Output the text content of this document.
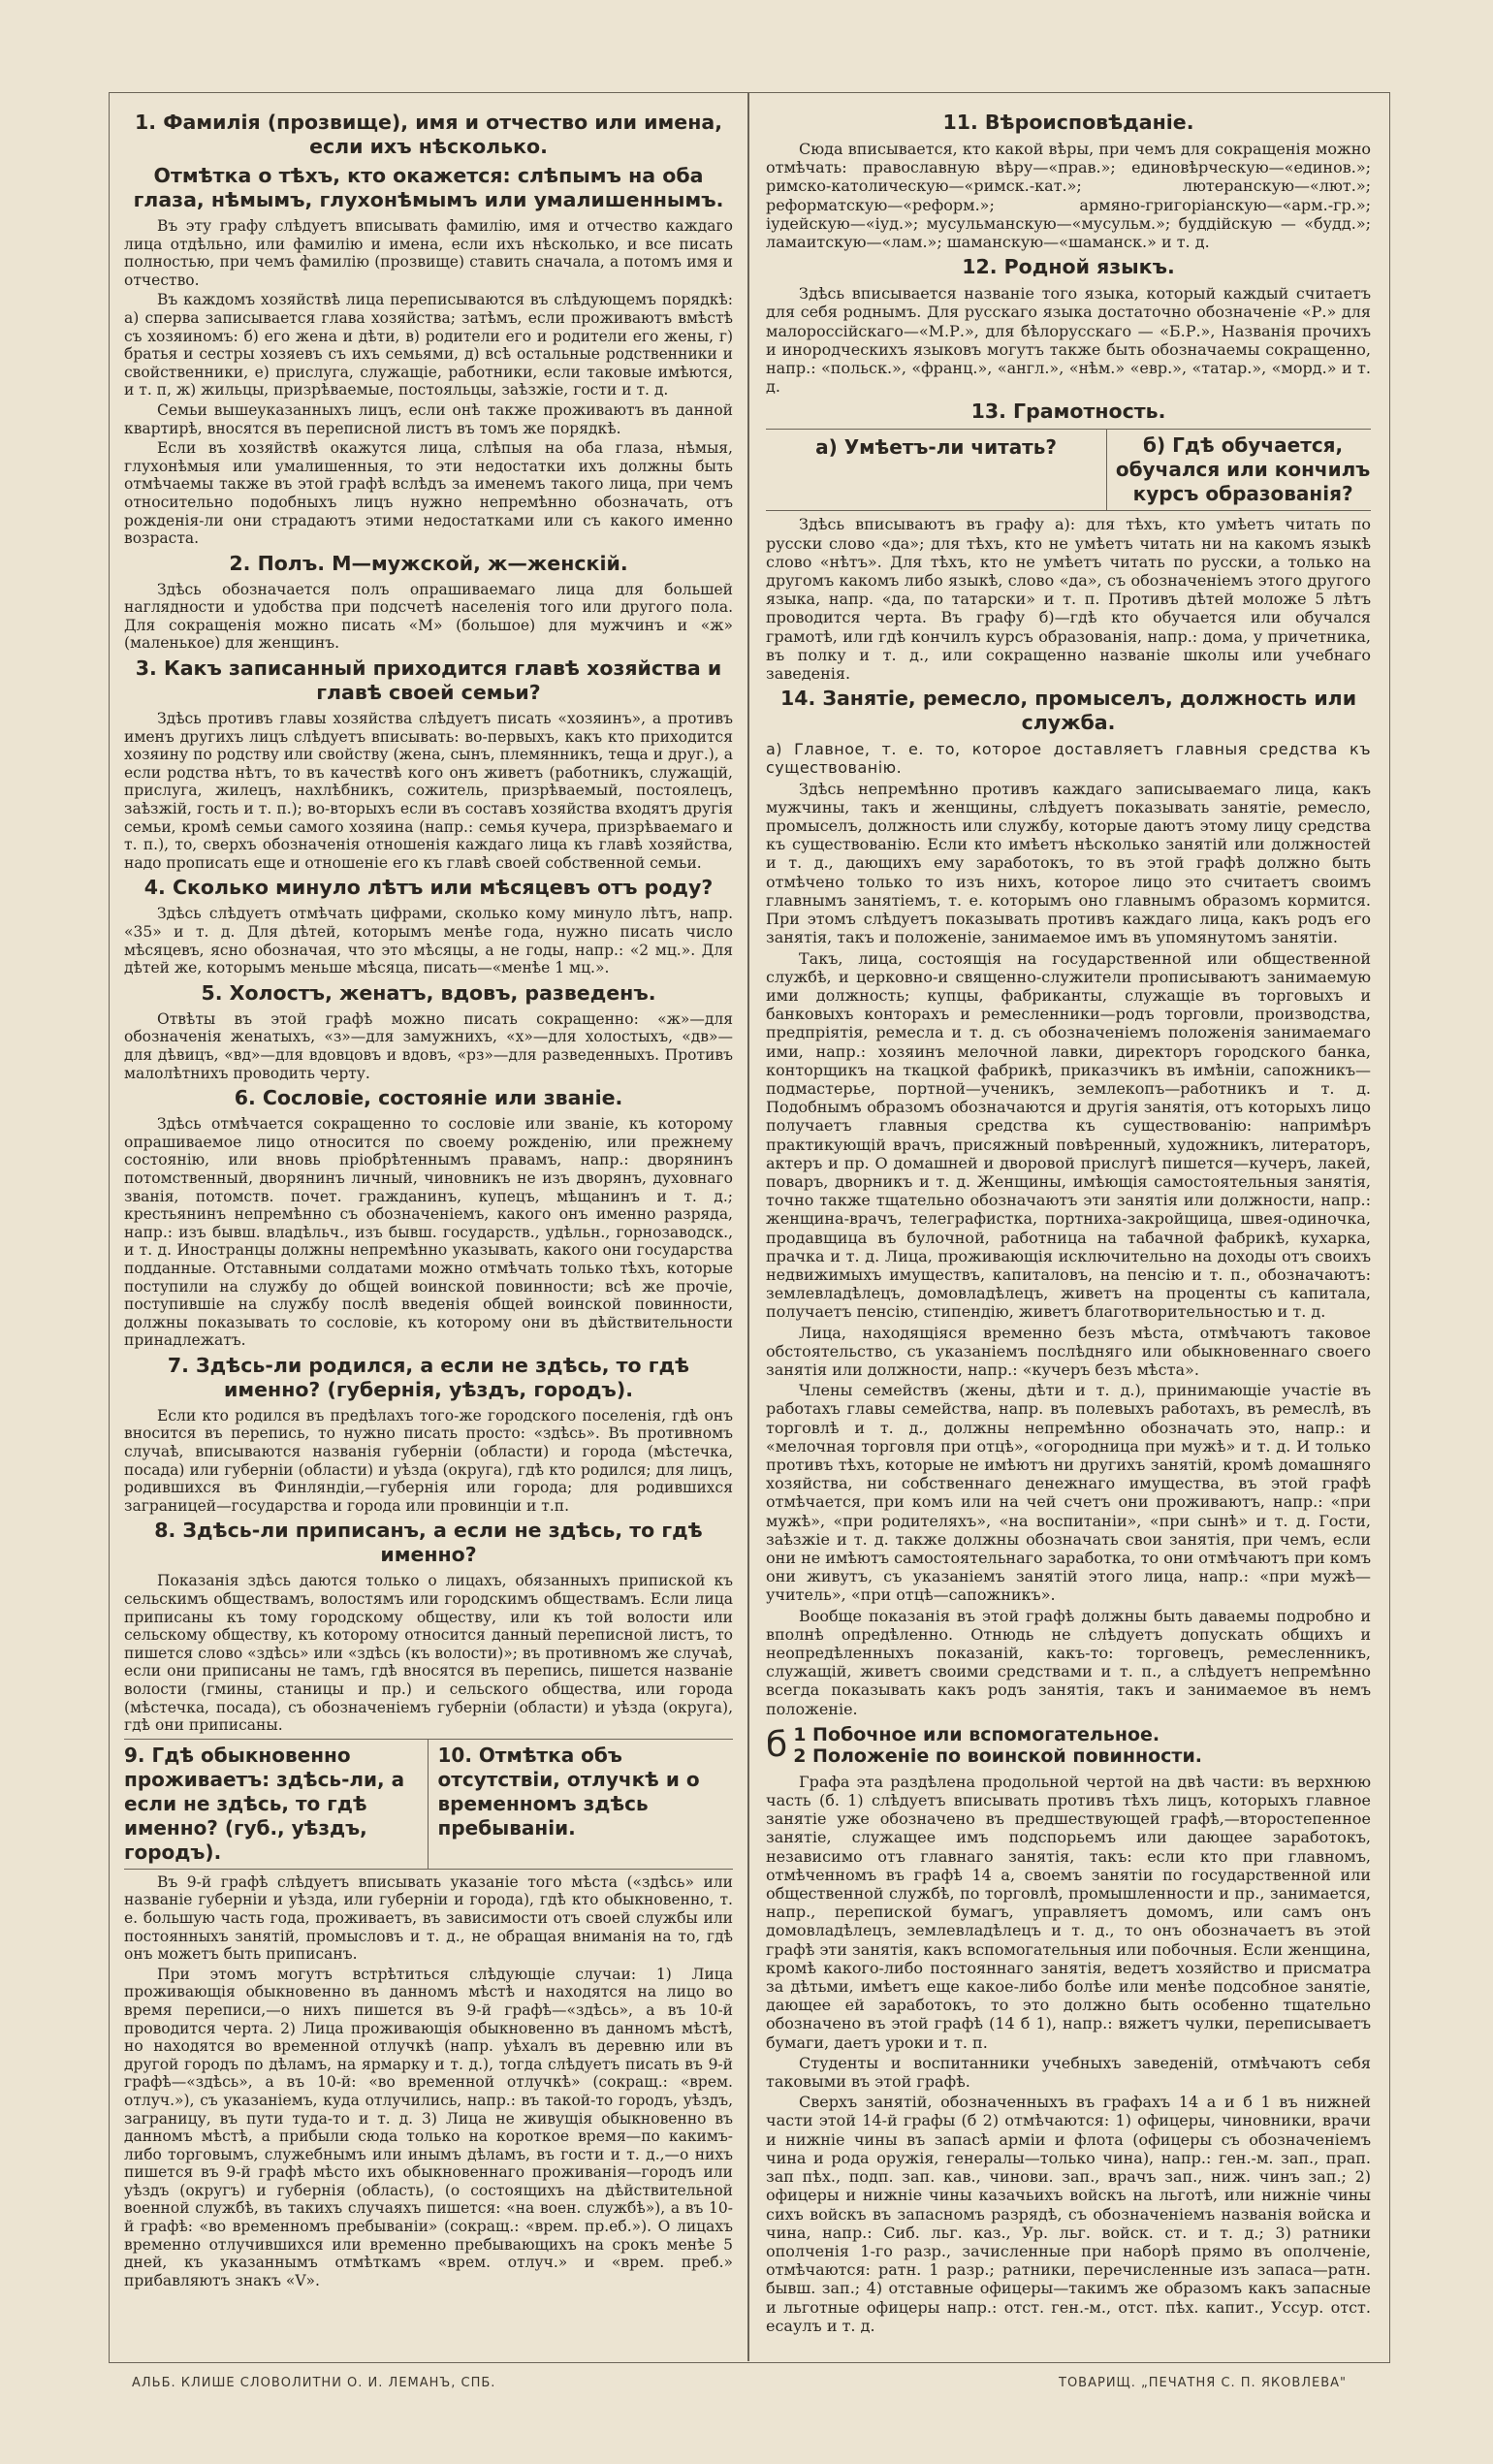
1. Фамилія (прозвище), имя и отчество или имена, если ихъ нѣсколько.
Отмѣтка о тѣхъ, кто окажется: слѣпымъ на оба глаза, нѣмымъ, глухонѣмымъ или умалишеннымъ.

Въ эту графу слѣдуетъ вписывать фамилію, имя и отчество каждаго лица отдѣльно, или фамилію и имена, если ихъ нѣсколько, и все писать полностью, при чемъ фамилію (прозвище) ставить сначала, а потомъ имя и отчество.

Въ каждомъ хозяйствѣ лица переписываются въ слѣдующемъ порядкѣ: а) сперва записывается глава хозяйства; затѣмъ, если проживаютъ вмѣстѣ съ хозяиномъ: б) его жена и дѣти, в) родители его и родители его жены, г) братья и сестры хозяевъ съ ихъ семьями, д) всѣ остальные родственники и свойственники, е) прислуга, служащіе, работники, если таковые имѣются, и т. п, ж) жильцы, призрѣваемые, постояльцы, заѣзжіе, гости и т. д.

Семьи вышеуказанныхъ лицъ, если онѣ также проживаютъ въ данной квартирѣ, вносятся въ переписной листъ въ томъ же порядкѣ.

Если въ хозяйствѣ окажутся лица, слѣпыя на оба глаза, нѣмыя, глухонѣмыя или умалишенныя, то эти недостатки ихъ должны быть отмѣчаемы также въ этой графѣ вслѣдъ за именемъ такого лица, при чемъ относительно подобныхъ лицъ нужно непремѣнно обозначать, отъ рожденія-ли они страдаютъ этими недостатками или съ какого именно возраста.

2. Полъ. М—мужской, ж—женскій.

Здѣсь обозначается полъ опрашиваемаго лица для большей наглядности и удобства при подсчетѣ населенія того или другого пола. Для сокращенія можно писать «М» (большое) для мужчинъ и «ж» (маленькое) для женщинъ.

3. Какъ записанный приходится главѣ хозяйства и главѣ своей семьи?

Здѣсь противъ главы хозяйства слѣдуетъ писать «хозяинъ», а противъ именъ другихъ лицъ слѣдуетъ вписывать: во-первыхъ, какъ кто приходится хозяину по родству или свойству (жена, сынъ, племянникъ, теща и друг.), а если родства нѣтъ, то въ качествѣ кого онъ живетъ (работникъ, служащій, прислуга, жилецъ, нахлѣбникъ, сожитель, призрѣваемый, постоялецъ, заѣзжій, гость и т. п.); во-вторыхъ если въ составъ хозяйства входятъ другія семьи, кромѣ семьи самого хозяина (напр.: семья кучера, призрѣваемаго и т. п.), то, сверхъ обозначенія отношенія каждаго лица къ главѣ хозяйства, надо прописать еще и отношеніе его къ главѣ своей собственной семьи.

4. Сколько минуло лѣтъ или мѣсяцевъ отъ роду?

Здѣсь слѣдуетъ отмѣчать цифрами, сколько кому минуло лѣтъ, напр. «35» и т. д. Для дѣтей, которымъ менѣе года, нужно писать число мѣсяцевъ, ясно обозначая, что это мѣсяцы, а не годы, напр.: «2 мц.». Для дѣтей же, которымъ меньше мѣсяца, писать—«менѣе 1 мц.».

5. Холостъ, женатъ, вдовъ, разведенъ.

Отвѣты въ этой графѣ можно писать сокращенно: «ж»—для обозначенія женатыхъ, «з»—для замужнихъ, «х»—для холостыхъ, «дв»—для дѣвицъ, «вд»—для вдовцовъ и вдовъ, «рз»—для разведенныхъ. Противъ малолѣтнихъ проводить черту.

6. Сословіе, состояніе или званіе.

Здѣсь отмѣчается сокращенно то сословіе или званіе, къ которому опрашиваемое лицо относится по своему рожденію, или прежнему состоянію, или вновь пріобрѣтеннымъ правамъ, напр.: дворянинъ потомственный, дворянинъ личный, чиновникъ не изъ дворянъ, духовнаго званія, потомств. почет. гражданинъ, купецъ, мѣщанинъ и т. д.; крестьянинъ непремѣнно съ обозначеніемъ, какого онъ именно разряда, напр.: изъ бывш. владѣльч., изъ бывш. государств., удѣльн., горнозаводск., и т. д. Иностранцы должны непремѣнно указывать, какого они государства подданные. Отставными солдатами можно отмѣчать только тѣхъ, которые поступили на службу до общей воинской повинности; всѣ же прочіе, поступившіе на службу послѣ введенія общей воинской повинности, должны показывать то сословіе, къ которому они въ дѣйствительности принадлежатъ.

7. Здѣсь-ли родился, а если не здѣсь, то гдѣ именно? (губернія, уѣздъ, городъ).

Если кто родился въ предѣлахъ того-же городского поселенія, гдѣ онъ вносится въ перепись, то нужно писать просто: «здѣсь». Въ противномъ случаѣ, вписываются названія губерніи (области) и города (мѣстечка, посада) или губерніи (области) и уѣзда (округа), гдѣ кто родился; для лицъ, родившихся въ Финляндіи,—губернія или города; для родившихся заграницей—государства и города или провинціи и т.п.

8. Здѣсь-ли приписанъ, а если не здѣсь, то гдѣ именно?

Показанія здѣсь даются только о лицахъ, обязанныхъ припиской къ сельскимъ обществамъ, волостямъ или городскимъ обществамъ. Если лица приписаны къ тому городскому обществу, или къ той волости или сельскому обществу, къ которому относится данный переписной листъ, то пишется слово «здѣсь» или «здѣсь (къ волости)»; въ противномъ же случаѣ, если они приписаны не тамъ, гдѣ вносятся въ перепись, пишется названіе волости (гмины, станицы и пр.) и сельского общества, или города (мѣстечка, посада), съ обозначеніемъ губерніи (области) и уѣзда (округа), гдѣ они приписаны.

9. Гдѣ обыкновенно проживаетъ: здѣсь-ли, а если не здѣсь, то гдѣ именно? (губ., уѣздъ, городъ).
10. Отмѣтка объ отсутствіи, отлучкѣ и о временномъ здѣсь пребываніи.

Въ 9-й графѣ слѣдуетъ вписывать указаніе того мѣста («здѣсь» или названіе губерніи и уѣзда, или губерніи и города), гдѣ кто обыкновенно, т. е. большую часть года, проживаетъ, въ зависимости отъ своей службы или постоянныхъ занятій, промысловъ и т. д., не обращая вниманія на то, гдѣ онъ можетъ быть приписанъ.

При этомъ могутъ встрѣтиться слѣдующіе случаи: 1) Лица проживающія обыкновенно въ данномъ мѣстѣ и находятся на лицо во время переписи,—о нихъ пишется въ 9-й графѣ—«здѣсь», а въ 10-й проводится черта. 2) Лица проживающія обыкновенно въ данномъ мѣстѣ, но находятся во временной отлучкѣ (напр. уѣхалъ въ деревню или въ другой городъ по дѣламъ, на ярмарку и т. д.), тогда слѣдуетъ писать въ 9-й графѣ—«здѣсь», а въ 10-й: «во временной отлучкѣ» (сокращ.: «врем. отлуч.»), съ указаніемъ, куда отлучились, напр.: въ такой-то городъ, уѣздъ, заграницу, въ пути туда-то и т. д. 3) Лица не живущія обыкновенно въ данномъ мѣстѣ, а прибыли сюда только на короткое время—по какимъ-либо торговымъ, служебнымъ или инымъ дѣламъ, въ гости и т. д.,—о нихъ пишется въ 9-й графѣ мѣсто ихъ обыкновеннаго проживанія—городъ или уѣздъ (округъ) и губернія (область), (о состоящихъ на дѣйствительной военной службѣ, въ такихъ случаяхъ пишется: «на воен. службѣ»), а въ 10-й графѣ: «во временномъ пребываніи» (сокращ.: «врем. пр.еб.»). О лицахъ временно отлучившихся или временно пребывающихъ на срокъ менѣе 5 дней, къ указаннымъ отмѣткамъ «врем. отлуч.» и «врем. преб.» прибавляютъ знакъ «V».

11. Вѣроисповѣданіе.

Сюда вписывается, кто какой вѣры, при чемъ для сокращенія можно отмѣчать: православную вѣру—«прав.»; единовѣрческую—«единов.»; римско-католическую—«римск.-кат.»; лютеранскую—«лют.»; реформатскую—«реформ.»; армяно-григоріанскую—«арм.-гр.»; іудейскую—«іуд.»; мусульманскую—«мусульм.»; буддійскую — «будд.»; ламаитскую—«лам.»; шаманскую—«шаманск.» и т. д.

12. Родной языкъ.

Здѣсь вписывается названіе того языка, который каждый считаетъ для себя роднымъ. Для русскаго языка достаточно обозначеніе «Р.» для малороссійскаго—«М.Р.», для бѣлорусскаго — «Б.Р.», Названія прочихъ и инородческихъ языковъ могутъ также быть обозначаемы сокращенно, напр.: «польск.», «франц.», «англ.», «нѣм.» «евр.», «татар.», «морд.» и т. д.

13. Грамотность.
а) Умѣетъ-ли читать?	б) Гдѣ обучается, обучался или кончилъ курсъ образованія?

Здѣсь вписываютъ въ графу а): для тѣхъ, кто умѣетъ читать по русски слово «да»; для тѣхъ, кто не умѣетъ читать ни на какомъ языкѣ слово «нѣтъ». Для тѣхъ, кто не умѣетъ читать по русски, а только на другомъ какомъ либо языкѣ, слово «да», съ обозначеніемъ этого другого языка, напр. «да, по татарски» и т. п. Противъ дѣтей моложе 5 лѣтъ проводится черта. Въ графу б)—гдѣ кто обучается или обучался грамотѣ, или гдѣ кончилъ курсъ образованія, напр.: дома, у причетника, въ полку и т. д., или сокращенно названіе школы или учебнаго заведенія.

14. Занятіе, ремесло, промыселъ, должность или служба.

а) Главное, т. е. то, которое доставляетъ главныя средства къ существованію.

Здѣсь непремѣнно противъ каждаго записываемаго лица, какъ мужчины, такъ и женщины, слѣдуетъ показывать занятіе, ремесло, промыселъ, должность или службу, которые даютъ этому лицу средства къ существованію. Если кто имѣетъ нѣсколько занятій или должностей и т. д., дающихъ ему заработокъ, то въ этой графѣ должно быть отмѣчено только то изъ нихъ, которое лицо это считаетъ своимъ главнымъ занятіемъ, т. е. которымъ оно главнымъ образомъ кормится. При этомъ слѣдуетъ показывать противъ каждаго лица, какъ родъ его занятія, такъ и положеніе, занимаемое имъ въ упомянутомъ занятіи.

Такъ, лица, состоящія на государственной или общественной службѣ, и церковно-и священно-служители прописываютъ занимаемую ими должность; купцы, фабриканты, служащіе въ торговыхъ и банковыхъ конторахъ и ремесленники—родъ торговли, производства, предпріятія, ремесла и т. д. съ обозначеніемъ положенія занимаемаго ими, напр.: хозяинъ мелочной лавки, директоръ городского банка, конторщикъ на ткацкой фабрикѣ, приказчикъ въ имѣніи, сапожникъ—подмастерье, портной—ученикъ, землекопъ—работникъ и т. д. Подобнымъ образомъ обозначаются и другія занятія, отъ которыхъ лицо получаетъ главныя средства къ существованію: напримѣръ практикующій врачъ, присяжный повѣренный, художникъ, литераторъ, актеръ и пр. О домашней и дворовой прислугѣ пишется—кучеръ, лакей, поваръ, дворникъ и т. д. Женщины, имѣющія самостоятельныя занятія, точно также тщательно обозначаютъ эти занятія или должности, напр.: женщина-врачъ, телеграфистка, портниха-закройщица, швея-одиночка, продавщица въ булочной, работница на табачной фабрикѣ, кухарка, прачка и т. д. Лица, проживающія исключительно на доходы отъ своихъ недвижимыхъ имуществъ, капиталовъ, на пенсію и т. п., обозначаютъ: землевладѣлецъ, домовладѣлецъ, живетъ на проценты съ капитала, получаетъ пенсію, стипендію, живетъ благотворительностью и т. д.

Лица, находящіяся временно безъ мѣста, отмѣчаютъ таковое обстоятельство, съ указаніемъ послѣдняго или обыкновеннаго своего занятія или должности, напр.: «кучеръ безъ мѣста».

Члены семействъ (жены, дѣти и т. д.), принимающіе участіе въ работахъ главы семейства, напр. въ полевыхъ работахъ, въ ремеслѣ, въ торговлѣ и т. д., должны непремѣнно обозначать это, напр.: и «мелочная торговля при отцѣ», «огородница при мужѣ» и т. д. И только противъ тѣхъ, которые не имѣютъ ни другихъ занятій, кромѣ домашняго хозяйства, ни собственнаго денежнаго имущества, въ этой графѣ отмѣчается, при комъ или на чей счетъ они проживаютъ, напр.: «при мужѣ», «при родителяхъ», «на воспитаніи», «при сынѣ» и т. д. Гости, заѣзжіе и т. д. также должны обозначать свои занятія, при чемъ, если они не имѣютъ самостоятельнаго заработка, то они отмѣчаютъ при комъ они живутъ, съ указаніемъ занятій этого лица, напр.: «при мужѣ—учитель», «при отцѣ—сапожникъ».

Вообще показанія въ этой графѣ должны быть даваемы подробно и вполнѣ опредѣленно. Отнюдь не слѣдуетъ допускать общихъ и неопредѣленныхъ показаній, какъ-то: торговецъ, ремесленникъ, служащій, живетъ своими средствами и т. п., а слѣдуетъ непремѣнно всегда показывать какъ родъ занятія, такъ и занимаемое въ немъ положеніе.

б 1 Побочное или вспомогательное.
2 Положеніе по воинской повинности.

Графа эта раздѣлена продольной чертой на двѣ части: въ верхнюю часть (б. 1) слѣдуетъ вписывать противъ тѣхъ лицъ, которыхъ главное занятіе уже обозначено въ предшествующей графѣ,—второстепенное занятіе, служащее имъ подспорьемъ или дающее заработокъ, независимо отъ главнаго занятія, такъ: если кто при главномъ, отмѣченномъ въ графѣ 14 а, своемъ занятіи по государственной или общественной службѣ, по торговлѣ, промышленности и пр., занимается, напр., перепиской бумагъ, управляетъ домомъ, или самъ онъ домовладѣлецъ, землевладѣлецъ и т. д., то онъ обозначаетъ въ этой графѣ эти занятія, какъ вспомогательныя или побочныя. Если женщина, кромѣ какого-либо постояннаго занятія, ведетъ хозяйство и присматра за дѣтьми, имѣетъ еще какое-либо болѣе или менѣе подсобное занятіе, дающее ей заработокъ, то это должно быть особенно тщательно обозначено въ этой графѣ (14 б 1), напр.: вяжетъ чулки, переписываетъ бумаги, даетъ уроки и т. п.

Студенты и воспитанники учебныхъ заведеній, отмѣчаютъ себя таковыми въ этой графѣ.

Сверхъ занятій, обозначенныхъ въ графахъ 14 а и б 1 въ нижней части этой 14-й графы (б 2) отмѣчаются: 1) офицеры, чиновники, врачи и нижніе чины въ запасѣ арміи и флота (офицеры съ обозначеніемъ чина и рода оружія, генералы—только чина), напр.: ген.-м. зап., прап. зап пѣх., подп. зап. кав., чинови. зап., врачъ зап., ниж. чинъ зап.; 2) офицеры и нижніе чины казачьихъ войскъ на льготѣ, или нижніе чины сихъ войскъ въ запасномъ разрядѣ, съ обозначеніемъ названія войска и чина, напр.: Сиб. льг. каз., Ур. льг. войск. ст. и т. д.; 3) ратники ополченія 1-го разр., зачисленные при наборѣ прямо въ ополченіе, отмѣчаются: ратн. 1 разр.; ратники, перечисленные изъ запаса—ратн. бывш. зап.; 4) отставные офицеры—такимъ же образомъ какъ запасные и льготные офицеры напр.: отст. ген.-м., отст. пѣх. капит., Уссур. отст. есаулъ и т. д.

АЛЬБ. КЛИШЕ СЛОВОЛИТНИ О. И. ЛЕМАНЪ, СПБ.	ТОВАРИЩ. „ПЕЧАТНЯ С. П. ЯКОВЛЕВА"
